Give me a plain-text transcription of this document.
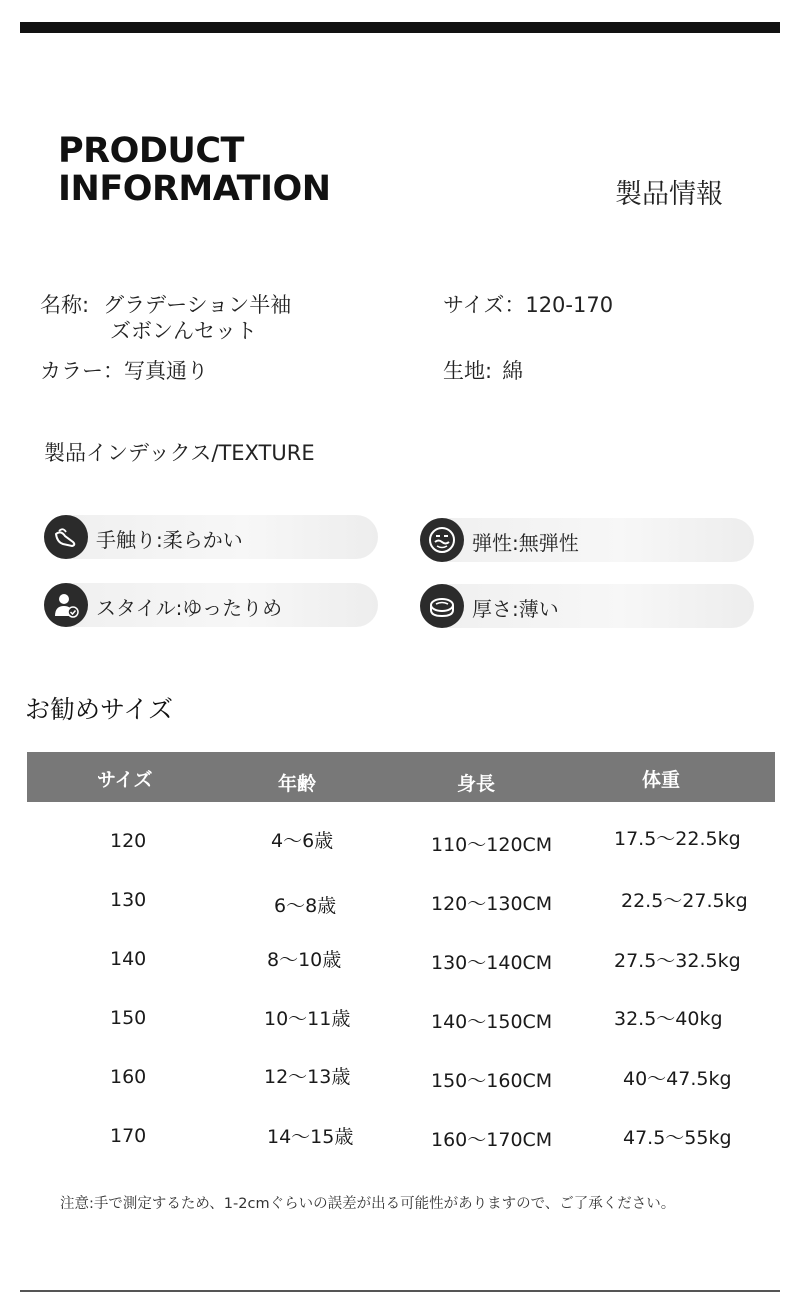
PRODUCT
INFORMATION	製品情報
名称: グラデーション半袖
ズボンんセット
サイズ：120-170
カラー：写真通り	生地: 綿
製品インデックス/TEXTURE
手触り:柔らかい	弾性:無弾性
スタイル:ゆったりめ	厚さ:薄い
お勧めサイズ
サイズ	年齢	身長	体重
120	4〜6歳	110～120CM	17.5〜22.5kg
130	6〜8歳	120～130CM	22.5〜27.5kg
140	8〜10歳	130～140CM	27.5〜32.5kg
150	10〜11歳	140～150CM	32.5〜40kg
160	12〜13歳	150～160CM	40〜47.5kg
170	14〜15歳	160～170CM	47.5〜55kg
注意:手で測定するため、1-2cmぐらいの誤差が出る可能性がありますので、ご了承ください。
